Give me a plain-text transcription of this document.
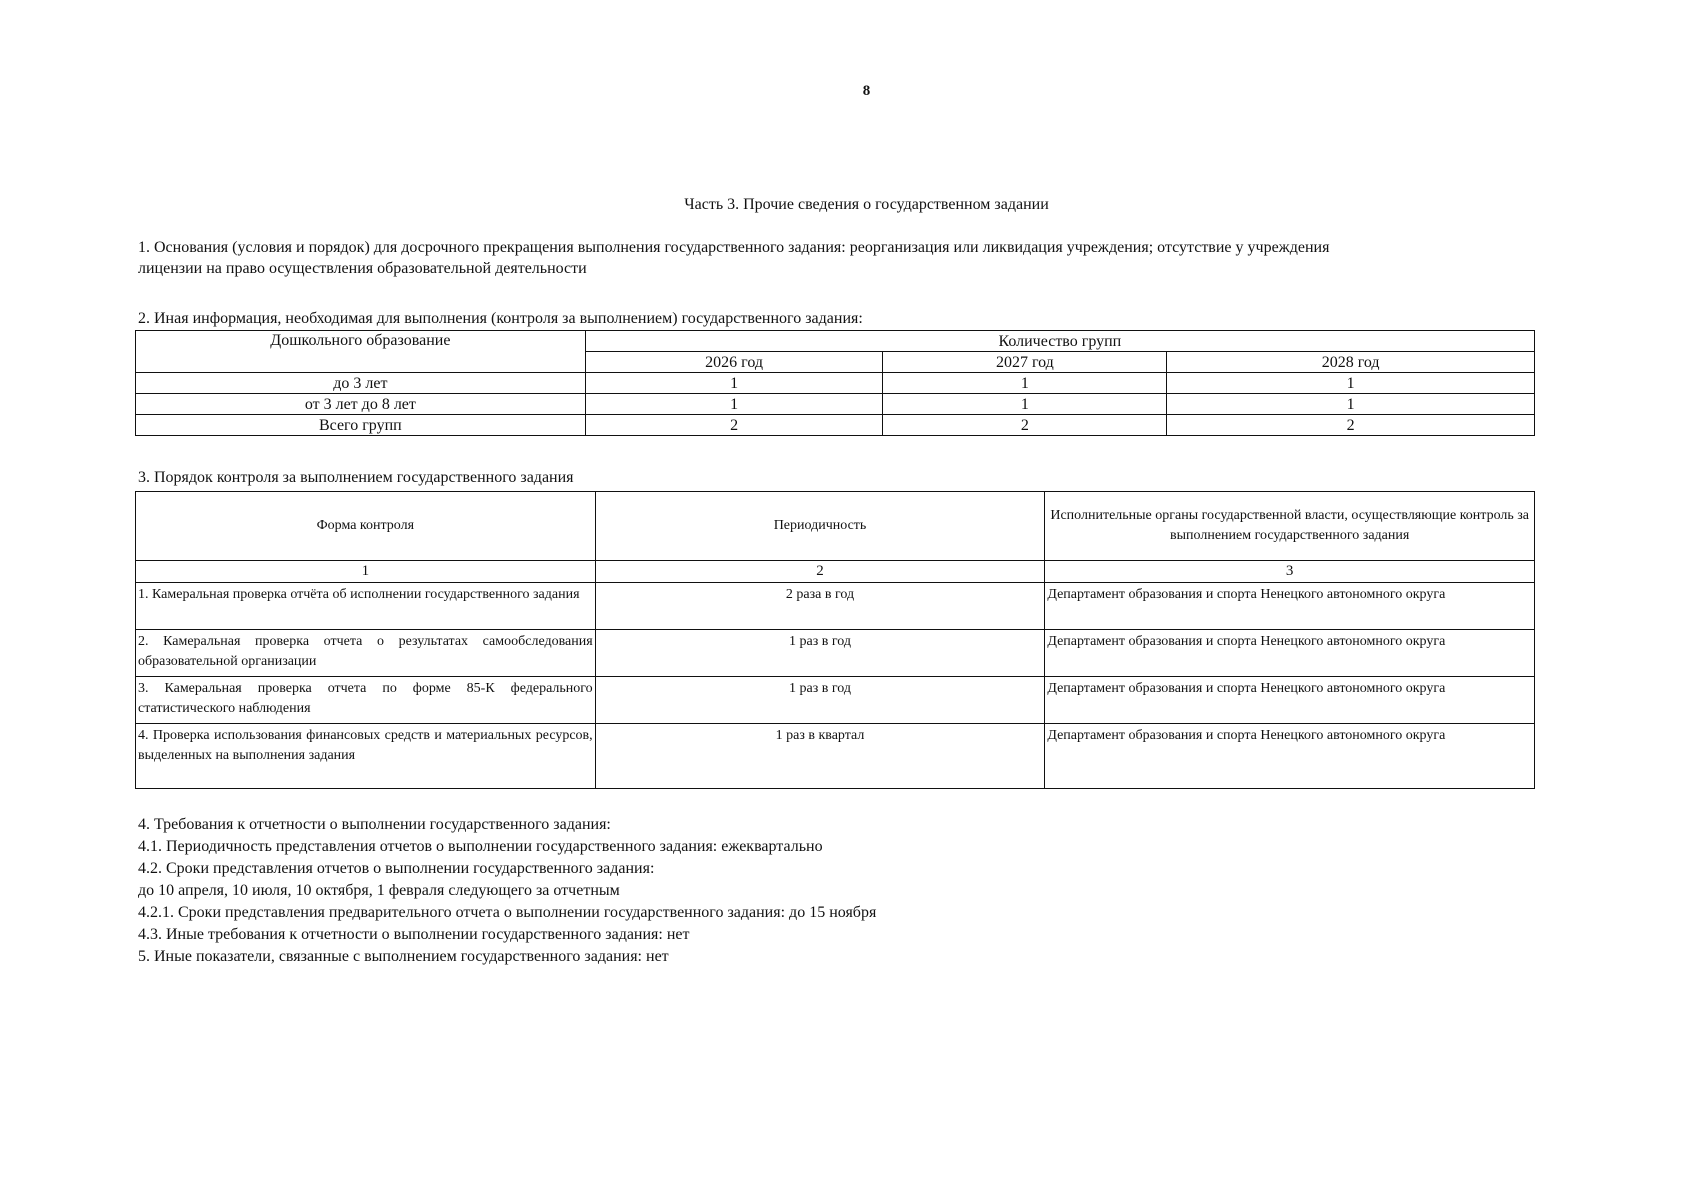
8
Часть 3. Прочие сведения о государственном задании
1. Основания (условия и порядок) для досрочного прекращения выполнения государственного задания: реорганизация или ликвидация учреждения; отсутствие у учреждения
лицензии на право осуществления образовательной деятельности
2. Иная информация, необходимая для выполнения (контроля за выполнением) государственного задания:
Дошкольного образование	Количество групп		
	2026 год	2027 год	2028 год
до 3 лет	1	1	1
от 3 лет до 8 лет	1	1	1
Всего групп	2	2	2
3. Порядок контроля за выполнением государственного задания
Форма контроля	Периодичность	Исполнительные органы государственной власти, осуществляющие контроль за выполнением государственного задания
1	2	3
1. Камеральная проверка отчёта об исполнении государственного задания	2 раза в год	Департамент образования и спорта Ненецкого автономного округа
2. Камеральная проверка отчета о результатах самообследования образовательной организации	1 раз в год	Департамент образования и спорта Ненецкого автономного округа
3. Камеральная проверка отчета по форме 85-К федерального статистического наблюдения	1 раз в год	Департамент образования и спорта Ненецкого автономного округа
4. Проверка использования финансовых средств и материальных ресурсов, выделенных на выполнения задания	1 раз в квартал	Департамент образования и спорта Ненецкого автономного округа
4. Требования к отчетности о выполнении государственного задания:
4.1. Периодичность представления отчетов о выполнении государственного задания: ежеквартально
4.2. Сроки представления отчетов о выполнении государственного задания:
до 10 апреля, 10 июля, 10 октября, 1 февраля следующего за отчетным
4.2.1. Сроки представления предварительного отчета о выполнении государственного задания: до 15 ноября
4.3. Иные требования к отчетности о выполнении государственного задания: нет
5. Иные показатели, связанные с выполнением государственного задания: нет
